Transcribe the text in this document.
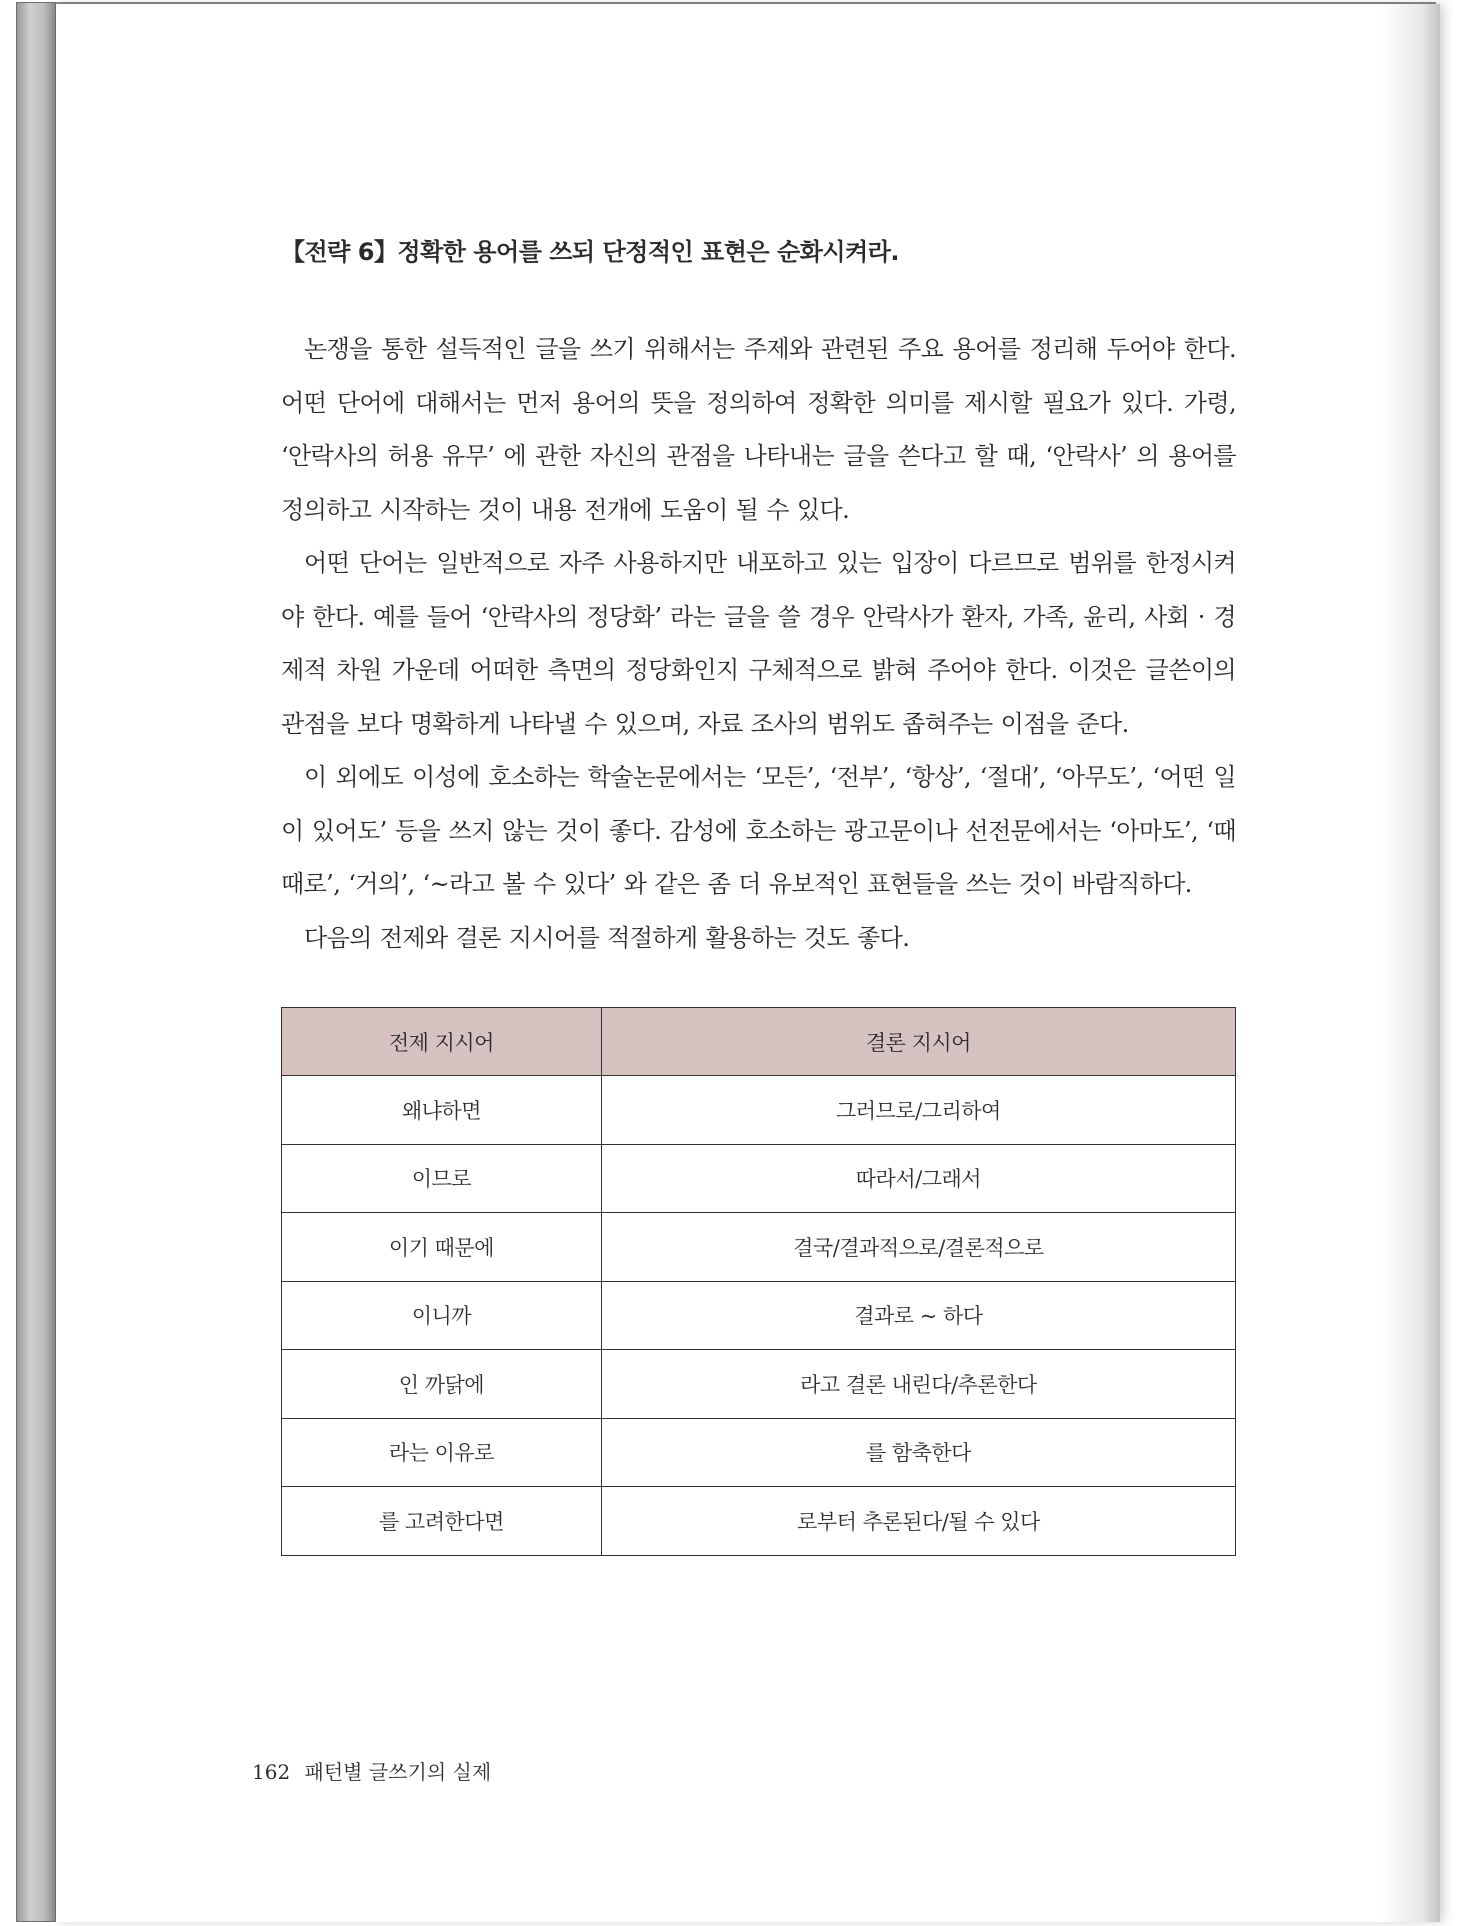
【전략 6】정확한 용어를 쓰되 단정적인 표현은 순화시켜라.

논쟁을 통한 설득적인 글을 쓰기 위해서는 주제와 관련된 주요 용어를 정리해 두어야 한다. 어떤 단어에 대해서는 먼저 용어의 뜻을 정의하여 정확한 의미를 제시할 필요가 있다. 가령, ‘안락사의 허용 유무’ 에 관한 자신의 관점을 나타내는 글을 쓴다고 할 때, ‘안락사’ 의 용어를 정의하고 시작하는 것이 내용 전개에 도움이 될 수 있다.

어떤 단어는 일반적으로 자주 사용하지만 내포하고 있는 입장이 다르므로 범위를 한정시켜야 한다. 예를 들어 ‘안락사의 정당화’ 라는 글을 쓸 경우 안락사가 환자, 가족, 윤리, 사회 · 경제적 차원 가운데 어떠한 측면의 정당화인지 구체적으로 밝혀 주어야 한다. 이것은 글쓴이의 관점을 보다 명확하게 나타낼 수 있으며, 자료 조사의 범위도 좁혀주는 이점을 준다.

이 외에도 이성에 호소하는 학술논문에서는 ‘모든’, ‘전부’, ‘항상’, ‘절대’, ‘아무도’, ‘어떤 일이 있어도’ 등을 쓰지 않는 것이 좋다. 감성에 호소하는 광고문이나 선전문에서는 ‘아마도’, ‘때때로’, ‘거의’, ‘~라고 볼 수 있다’ 와 같은 좀 더 유보적인 표현들을 쓰는 것이 바람직하다.

다음의 전제와 결론 지시어를 적절하게 활용하는 것도 좋다.

전제 지시어	결론 지시어
왜냐하면	그러므로/그리하여
이므로	따라서/그래서
이기 때문에	결국/결과적으로/결론적으로
이니까	결과로 ~ 하다
인 까닭에	라고 결론 내린다/추론한다
라는 이유로	를 함축한다
를 고려한다면	로부터 추론된다/될 수 있다
162 패턴별 글쓰기의 실제
